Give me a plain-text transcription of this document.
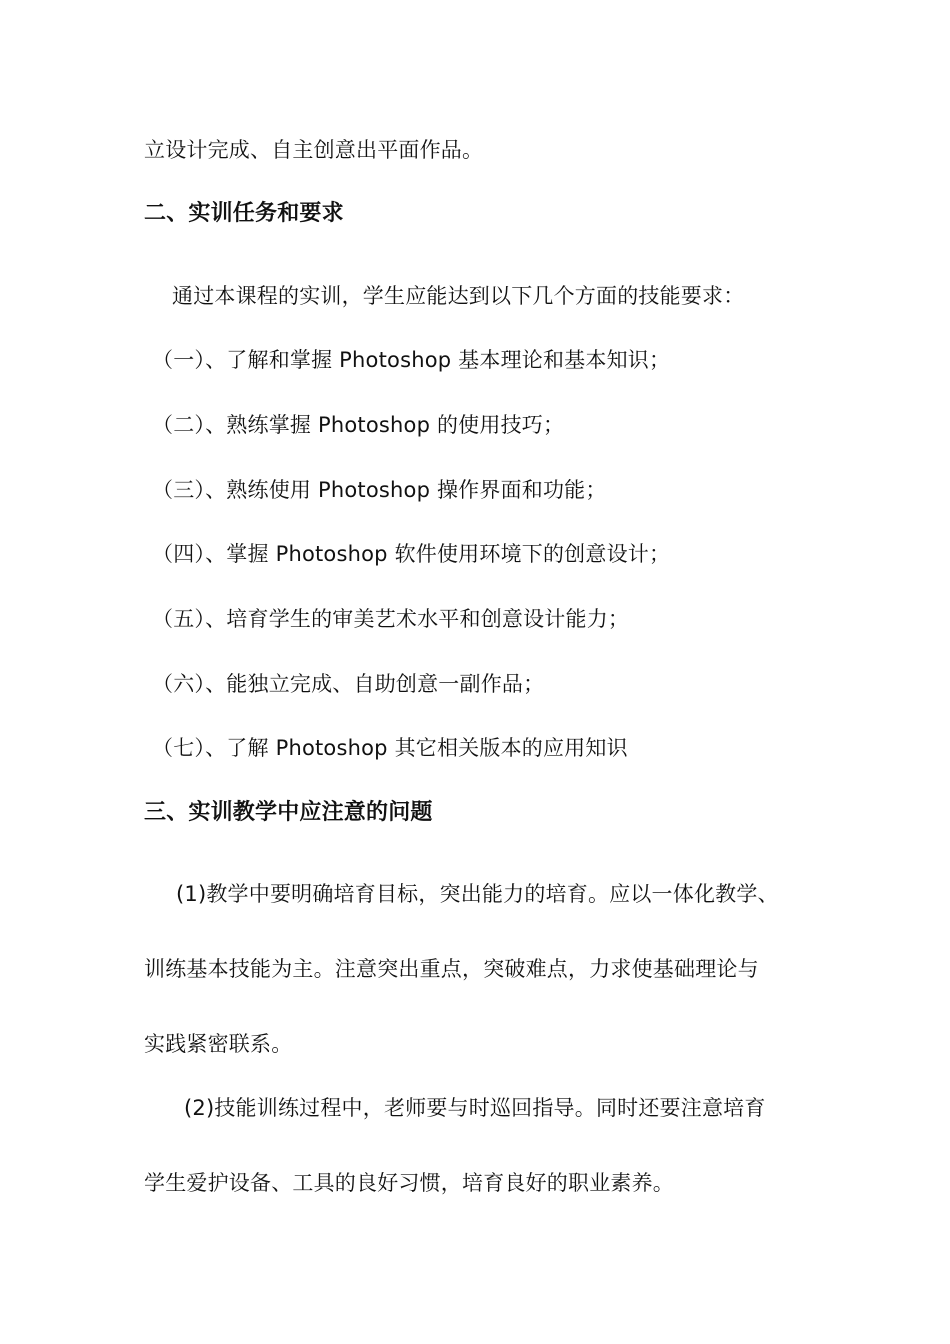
立设计完成、自主创意出平面作品。
二、实训任务和要求
通过本课程的实训，学生应能达到以下几个方面的技能要求：
（一）、了解和掌握 Photoshop 基本理论和基本知识；
（二）、熟练掌握 Photoshop 的使用技巧；
（三）、熟练使用 Photoshop 操作界面和功能；
（四）、掌握 Photoshop 软件使用环境下的创意设计；
（五）、培育学生的审美艺术水平和创意设计能力；
（六）、能独立完成、自助创意一副作品；
（七）、了解 Photoshop 其它相关版本的应用知识
三、实训教学中应注意的问题
(1)教学中要明确培育目标，突出能力的培育。应以一体化教学、
训练基本技能为主。注意突出重点，突破难点，力求使基础理论与
实践紧密联系。
(2)技能训练过程中，老师要与时巡回指导。同时还要注意培育
学生爱护设备、工具的良好习惯，培育良好的职业素养。
